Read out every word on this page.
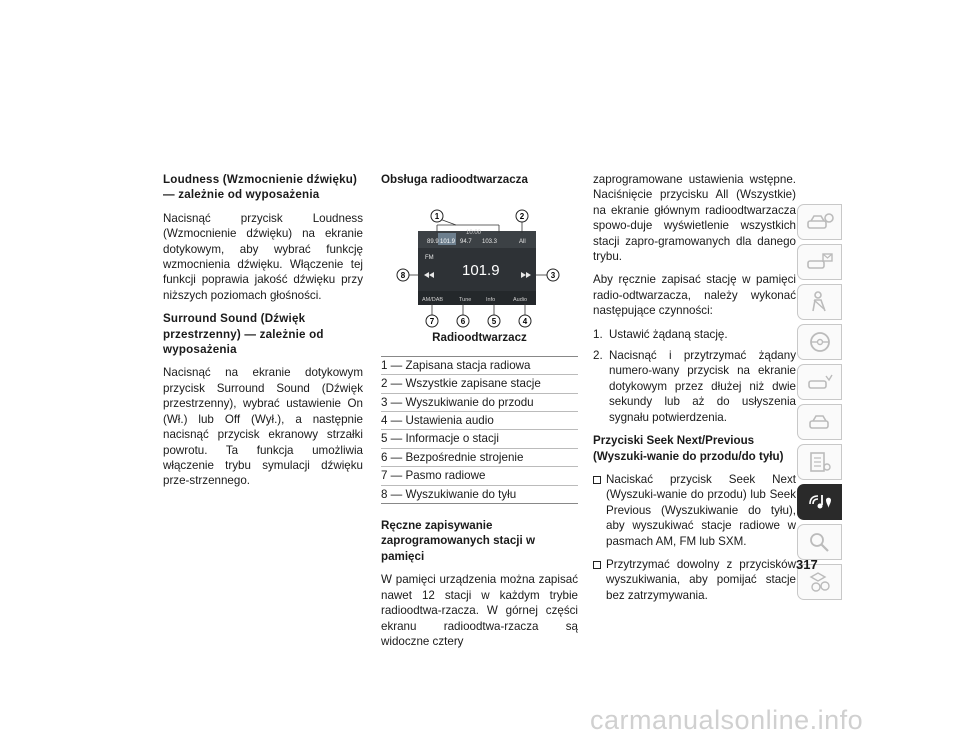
Loudness (Wzmocnienie dźwięku) — zależnie od wyposażenia

Nacisnąć przycisk Loudness (Wzmocnienie dźwięku) na ekranie dotykowym, aby wybrać funkcję wzmocnienia dźwięku. Włączenie tej funkcji poprawia jakość dźwięku przy niższych poziomach głośności.

Surround Sound (Dźwięk przestrzenny) — zależnie od wyposażenia

Nacisnąć na ekranie dotykowym przycisk Surround Sound (Dźwięk przestrzenny), wybrać ustawienie On (Wł.) lub Off (Wył.), a następnie nacisnąć przycisk ekranowy strzałki powrotu. Ta funkcja umożliwia włączenie trybu symulacji dźwięku prze-strzennego.

Obsługa radioodtwarzacza
89.9 101.9 94.7 103.3	All
10:00
FM
101.9
AM/DAB	Tune	Info	Audio
1	2
3
4
5
6
7
8
Radioodtwarzacz
1 — Zapisana stacja radiowa
2 — Wszystkie zapisane stacje
3 — Wyszukiwanie do przodu
4 — Ustawienia audio
5 — Informacje o stacji
6 — Bezpośrednie strojenie
7 — Pasmo radiowe
8 — Wyszukiwanie do tyłu
Ręczne zapisywanie zaprogramowanych stacji w pamięci

W pamięci urządzenia można zapisać nawet 12 stacji w każdym trybie radioodtwa-rzacza. W górnej części ekranu radioodtwa-rzacza są widoczne cztery

zaprogramowane ustawienia wstępne. Naciśnięcie przycisku All (Wszystkie) na ekranie głównym radioodtwarzacza spowo-duje wyświetlenie wszystkich stacji zapro-gramowanych dla danego trybu.

Aby ręcznie zapisać stację w pamięci radio-odtwarzacza, należy wykonać następujące czynności:

1. Ustawić żądaną stację.
2. Nacisnąć i przytrzymać żądany numero-wany przycisk na ekranie dotykowym przez dłużej niż dwie sekundy lub aż do usłyszenia sygnału potwierdzenia.
Przyciski Seek Next/Previous (Wyszuki-wanie do przodu/do tyłu)
Naciskać przycisk Seek Next (Wyszuki-wanie do przodu) lub Seek Previous (Wyszukiwanie do tyłu), aby wyszukiwać stacje radiowe w pasmach AM, FM lub SXM.
Przytrzymać dowolny z przycisków wyszukiwania, aby pomijać stacje bez zatrzymywania.
317
carmanualsonline.info
